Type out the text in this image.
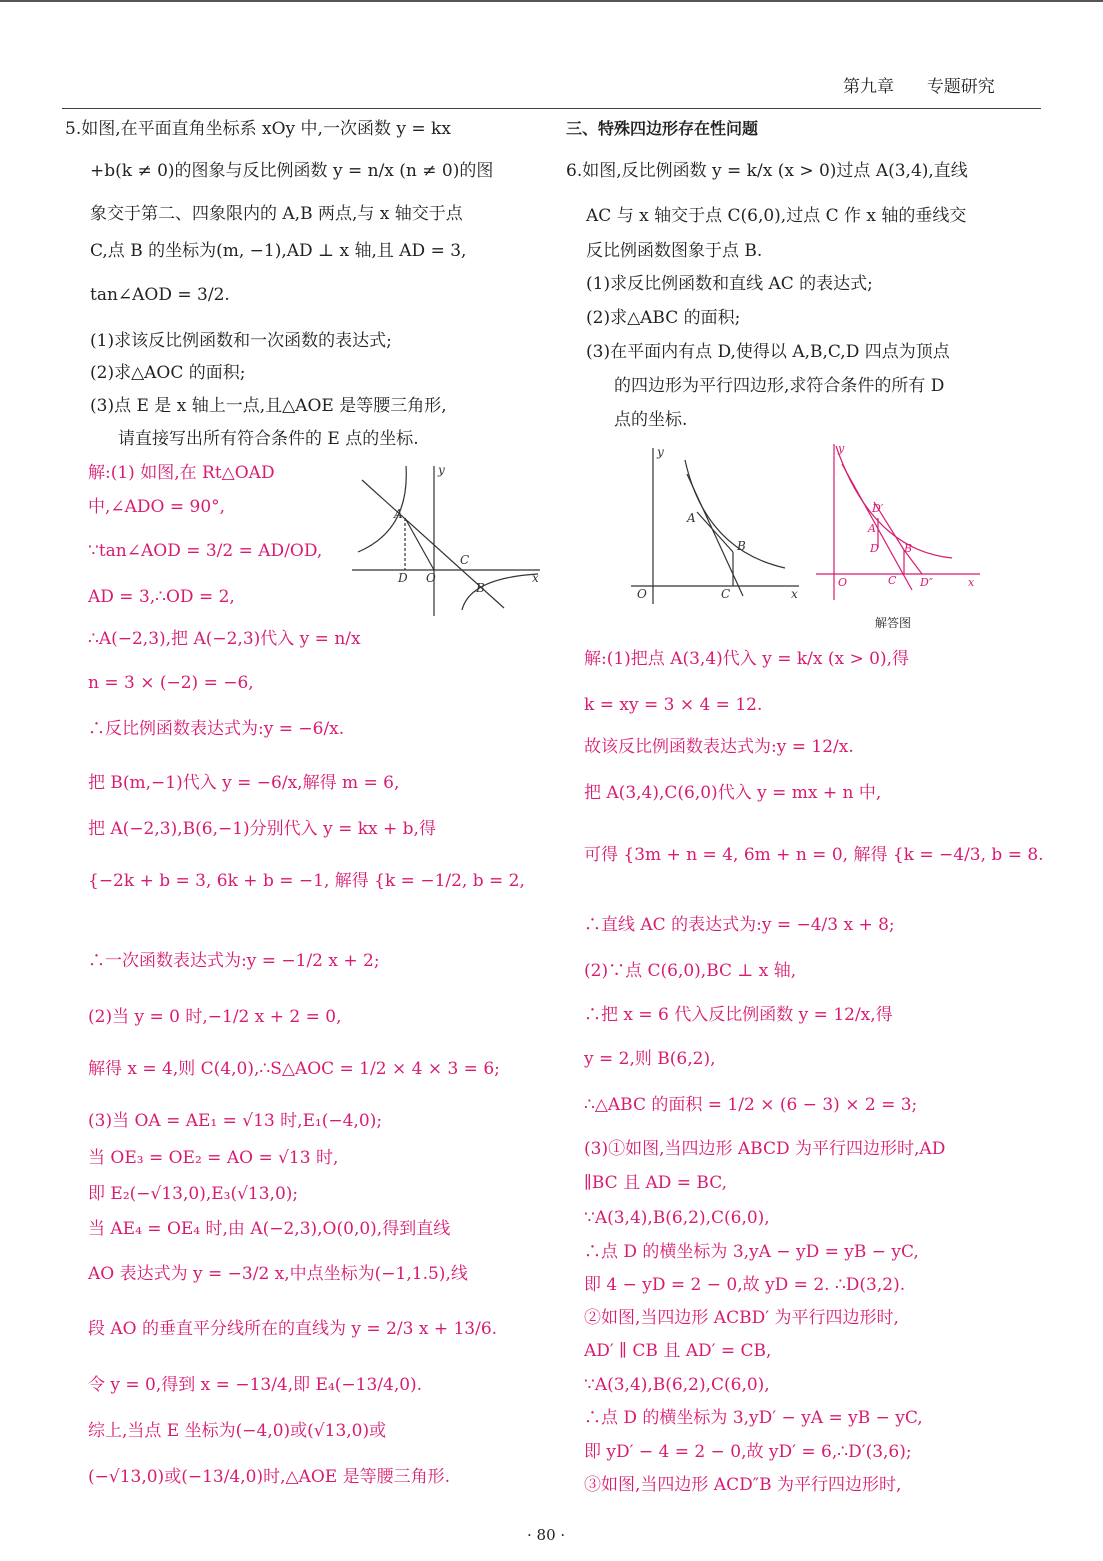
第九章 专题研究
5.如图,在平面直角坐标系 xOy 中,一次函数 y = kx
+b(k ≠ 0)的图象与反比例函数 y = n/x (n ≠ 0)的图
象交于第二、四象限内的 A,B 两点,与 x 轴交于点
C,点 B 的坐标为(m, −1),AD ⊥ x 轴,且 AD = 3,
tan∠AOD = 3/2.
(1)求该反比例函数和一次函数的表达式;
(2)求△AOC 的面积;
(3)点 E 是 x 轴上一点,且△AOE 是等腰三角形,
请直接写出所有符合条件的 E 点的坐标.
解:(1) 如图,在 Rt△OAD
中,∠ADO = 90°,
∵tan∠AOD = 3/2 = AD/OD,
AD = 3,∴OD = 2,
∴A(−2,3),把 A(−2,3)代入 y = n/x
n = 3 × (−2) = −6,
∴反比例函数表达式为:y = −6/x.
把 B(m,−1)代入 y = −6/x,解得 m = 6,
把 A(−2,3),B(6,−1)分别代入 y = kx + b,得
{−2k + b = 3, 6k + b = −1, 解得 {k = −1/2, b = 2,
∴一次函数表达式为:y = −1/2 x + 2;
(2)当 y = 0 时,−1/2 x + 2 = 0,
解得 x = 4,则 C(4,0),∴S△AOC = 1/2 × 4 × 3 = 6;
(3)当 OA = AE₁ = √13 时,E₁(−4,0);
当 OE₃ = OE₂ = AO = √13 时,
即 E₂(−√13,0),E₃(√13,0);
当 AE₄ = OE₄ 时,由 A(−2,3),O(0,0),得到直线
AO 表达式为 y = −3/2 x,中点坐标为(−1,1.5),线
段 AO 的垂直平分线所在的直线为 y = 2/3 x + 13/6.
令 y = 0,得到 x = −13/4,即 E₄(−13/4,0).
综上,当点 E 坐标为(−4,0)或(√13,0)或
(−√13,0)或(−13/4,0)时,△AOE 是等腰三角形.
y
A
C
B
D O	x
三、特殊四边形存在性问题
6.如图,反比例函数 y = k/x (x > 0)过点 A(3,4),直线
AC 与 x 轴交于点 C(6,0),过点 C 作 x 轴的垂线交
反比例函数图象于点 B.
(1)求反比例函数和直线 AC 的表达式;
(2)求△ABC 的面积;
(3)在平面内有点 D,使得以 A,B,C,D 四点为顶点
的四边形为平行四边形,求符合条件的所有 D
点的坐标.
y
A
B
C
O	x
y
D′
A
B
D
C D″
O	x
解答图
解:(1)把点 A(3,4)代入 y = k/x (x > 0),得
k = xy = 3 × 4 = 12.
故该反比例函数表达式为:y = 12/x.
把 A(3,4),C(6,0)代入 y = mx + n 中,
可得 {3m + n = 4, 6m + n = 0, 解得 {k = −4/3, b = 8.
∴直线 AC 的表达式为:y = −4/3 x + 8;
(2)∵点 C(6,0),BC ⊥ x 轴,
∴把 x = 6 代入反比例函数 y = 12/x,得
y = 2,则 B(6,2),
∴△ABC 的面积 = 1/2 × (6 − 3) × 2 = 3;
(3)①如图,当四边形 ABCD 为平行四边形时,AD
∥BC 且 AD = BC,
∵A(3,4),B(6,2),C(6,0),
∴点 D 的横坐标为 3,yA − yD = yB − yC,
即 4 − yD = 2 − 0,故 yD = 2. ∴D(3,2).
②如图,当四边形 ACBD′ 为平行四边形时,
AD′ ∥ CB 且 AD′ = CB,
∵A(3,4),B(6,2),C(6,0),
∴点 D 的横坐标为 3,yD′ − yA = yB − yC,
即 yD′ − 4 = 2 − 0,故 yD′ = 6,∴D′(3,6);
③如图,当四边形 ACD″B 为平行四边形时,
· 80 ·
